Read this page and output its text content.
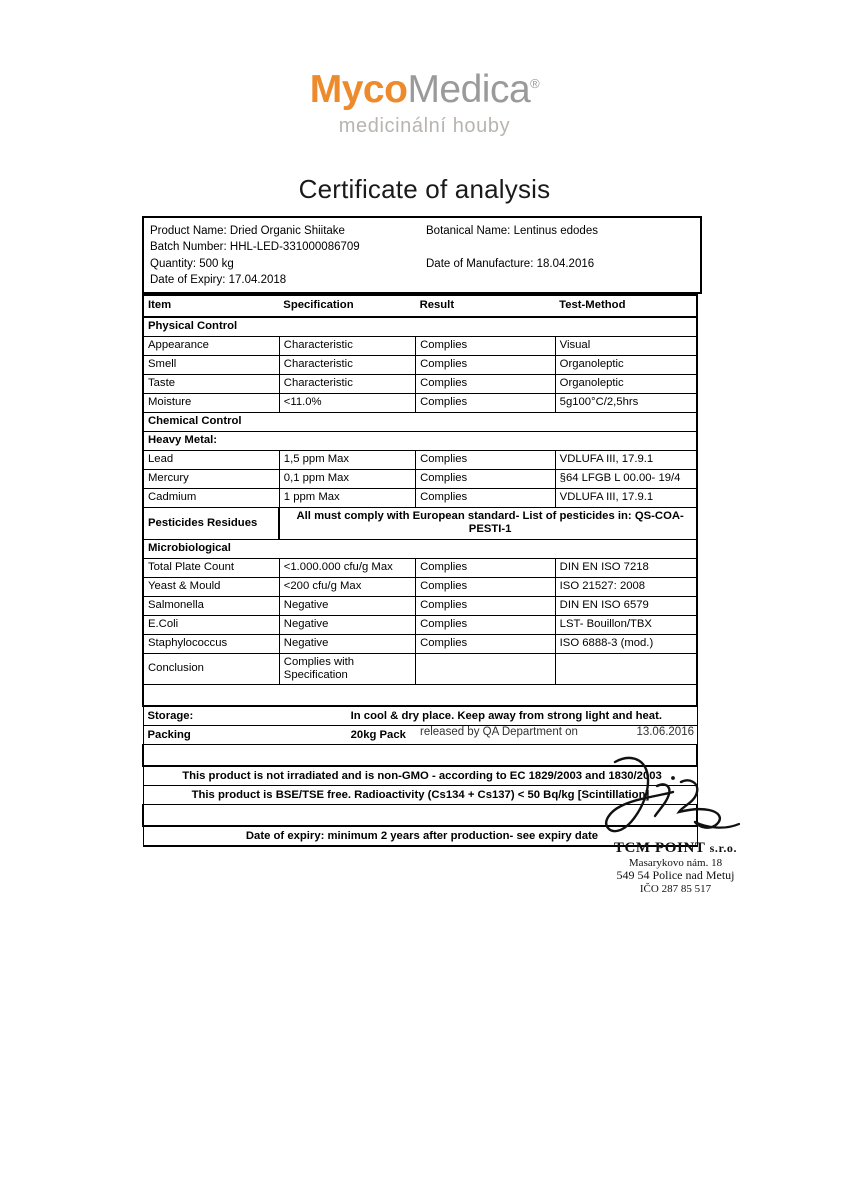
MycoMedica®
medicinální houby
Certificate of analysis
Product Name: Dried Organic Shiitake	Botanical Name: Lentinus edodes
Batch Number: HHL-LED-331000086709

Quantity: 500 kg	Date of Manufacture: 18.04.2016
Date of Expiry: 17.04.2018

Item	Specification	Result	Test-Method
Physical Control			
Appearance	Characteristic	Complies	Visual
Smell	Characteristic	Complies	Organoleptic
Taste	Characteristic	Complies	Organoleptic
Moisture	<11.0%	Complies	5g100°C/2,5hrs
Chemical Control			
Heavy Metal:			
Lead	1,5 ppm Max	Complies	VDLUFA III, 17.9.1
Mercury	0,1 ppm Max	Complies	§64 LFGB L 00.00- 19/4
Cadmium	1 ppm Max	Complies	VDLUFA III, 17.9.1
Pesticides Residues	All must comply with European standard- List of pesticides in: QS-COA-PESTI-1		
Microbiological			
Total Plate Count	<1.000.000 cfu/g Max	Complies	DIN EN ISO 7218
Yeast & Mould	<200 cfu/g Max	Complies	ISO 21527: 2008
Salmonella	Negative	Complies	DIN EN ISO 6579
E.Coli	Negative	Complies	LST- Bouillon/TBX
Staphylococcus	Negative	Complies	ISO 6888-3 (mod.)
Conclusion	Complies with Specification		

Storage: In cool & dry place. Keep away from strong light and heat.			

Packing 20kg Pack			

This product is not irradiated and is non-GMO - according to EC 1829/2003 and 1830/2003			
This product is BSE/TSE free. Radioactivity (Cs134 + Cs137) < 50 Bq/kg [Scintillation].			

Date of expiry: minimum 2 years after production- see expiry date			
released by QA Department on	13.06.2016
TCM POINT s.r.o.
Masarykovo nám. 18
549 54 Police nad Metuj
IČO 287 85 517
